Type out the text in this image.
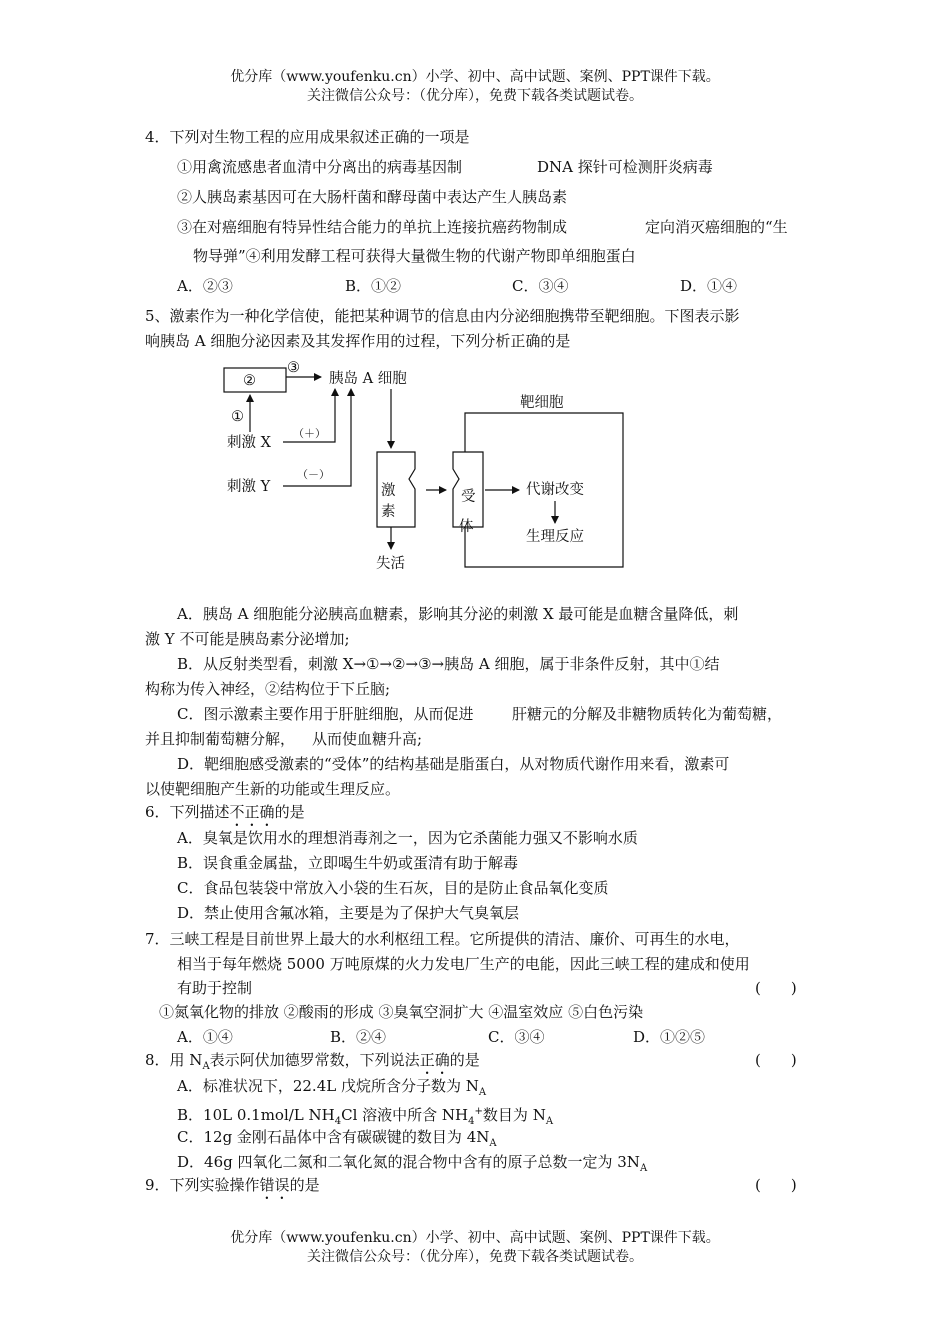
优分库（www.youfenku.cn）小学、初中、高中试题、案例、PPT课件下载。
关注微信公众号：（优分库），免费下载各类试题试卷。
4．下列对生物工程的应用成果叙述正确的一项是
①用禽流感患者血清中分离出的病毒基因制	DNA 探针可检测肝炎病毒
②人胰岛素基因可在大肠杆菌和酵母菌中表达产生人胰岛素
③在对癌细胞有特异性结合能力的单抗上连接抗癌药物制成	定向消灭癌细胞的“生
物导弹”④利用发酵工程可获得大量微生物的代谢产物即单细胞蛋白
A．②③	B．①②	C．③④	D．①④
5、激素作为一种化学信使，能把某种调节的信息由内分泌细胞携带至靶细胞。下图表示影
响胰岛 A 细胞分泌因素及其发挥作用的过程，下列分析正确的是
②
③
胰岛 A 细胞
①
刺激 X
（＋）
刺激 Y
（－）
激
素
失活
靶细胞
受
体
代谢改变
生理反应
A．胰岛 A 细胞能分泌胰高血糖素，影响其分泌的刺激 X 最可能是血糖含量降低，刺
激 Y 不可能是胰岛素分泌增加;
B．从反射类型看，刺激 X→①→②→③→胰岛 A 细胞，属于非条件反射，其中①结
构称为传入神经，②结构位于下丘脑;
C．图示激素主要作用于肝脏细胞，从而促进	肝糖元的分解及非糖物质转化为葡萄糖，
并且抑制葡萄糖分解， 从而使血糖升高;
D．靶细胞感受激素的“受体”的结构基础是脂蛋白，从对物质代谢作用来看，激素可
以使靶细胞产生新的功能或生理反应。
6．下列描述不正确的是
A．臭氧是饮用水的理想消毒剂之一，因为它杀菌能力强又不影响水质
B．误食重金属盐，立即喝生牛奶或蛋清有助于解毒
C．食品包装袋中常放入小袋的生石灰，目的是防止食品氧化变质
D．禁止使用含氟冰箱，主要是为了保护大气臭氧层
7．三峡工程是目前世界上最大的水利枢纽工程。它所提供的清洁、廉价、可再生的水电，
相当于每年燃烧 5000 万吨原煤的火力发电厂生产的电能，因此三峡工程的建成和使用
有助于控制	(　　)
①氮氧化物的排放 ②酸雨的形成 ③臭氧空洞扩大 ④温室效应 ⑤白色污染
A．①④	B．②④	C．③④	D．①②⑤
8．用 $N_A$表示阿伏加德罗常数，下列说法正确的是	(　　)
A．标准状况下，22.4L 戊烷所含分子数为 $N_A$
B．10L 0.1mol/L $NH_4Cl$ 溶液中所含 $NH_4^+$数目为 $N_A$
C．12g 金刚石晶体中含有碳碳键的数目为 $4N_A$
D．46g 四氧化二氮和二氧化氮的混合物中含有的原子总数一定为 $3N_A$
9．下列实验操作错误的是	(　　)
优分库（www.youfenku.cn）小学、初中、高中试题、案例、PPT课件下载。
关注微信公众号：（优分库），免费下载各类试题试卷。
